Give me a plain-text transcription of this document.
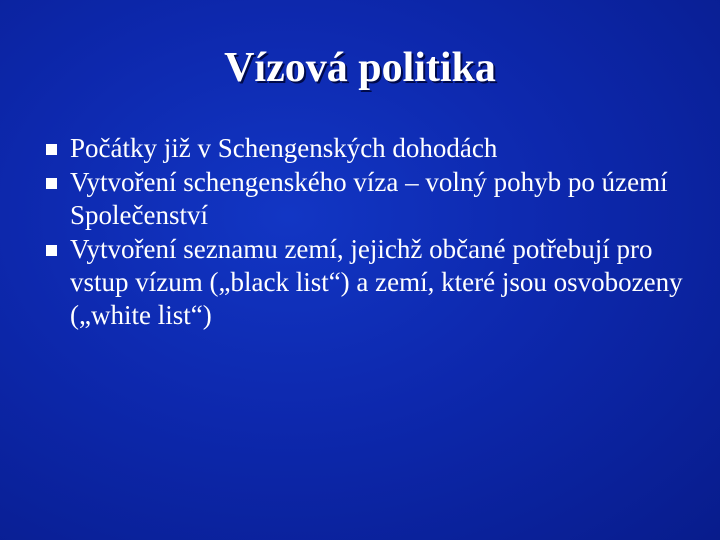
Vízová politika
Počátky již v Schengenských dohodách
Vytvoření schengenského víza – volný pohyb po území Společenství
Vytvoření seznamu zemí, jejichž občané potřebují pro vstup vízum („black list“) a zemí, které jsou osvobozeny („white list“)
